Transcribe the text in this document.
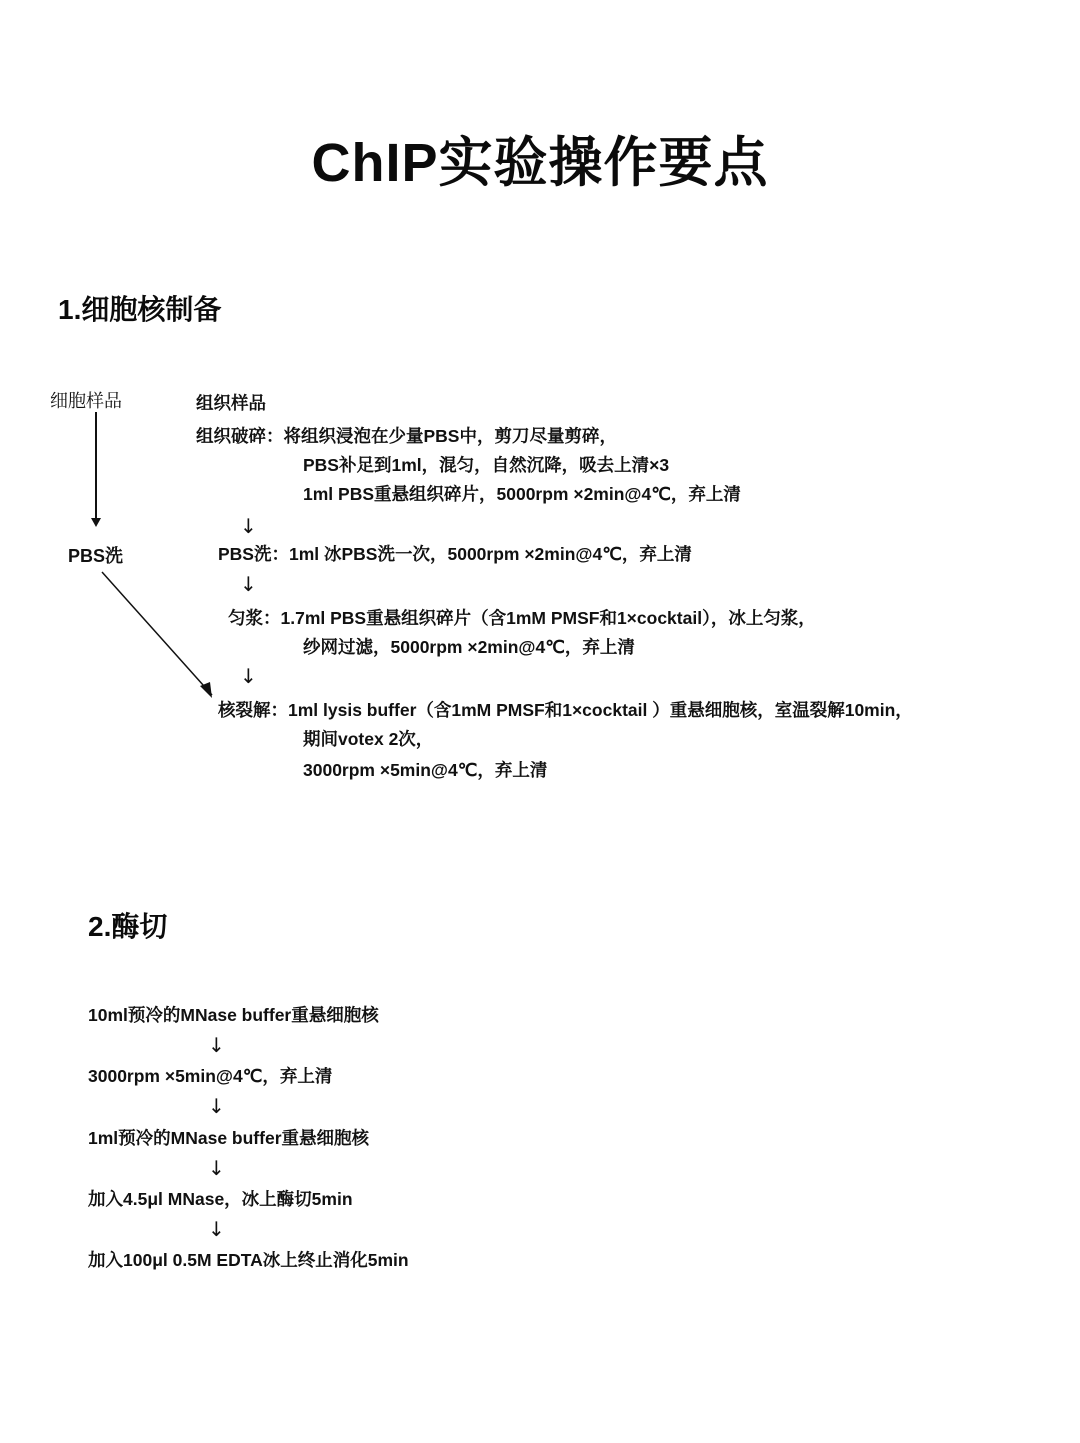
ChIP实验操作要点
1.细胞核制备
细胞样品
PBS洗
组织样品
组织破碎：将组织浸泡在少量PBS中，剪刀尽量剪碎，
PBS补足到1ml，混匀，自然沉降，吸去上清×3
1ml PBS重悬组织碎片，5000rpm ×2min@4℃，弃上清
↓
PBS洗：1ml 冰PBS洗一次，5000rpm ×2min@4℃，弃上清
↓
匀浆：1.7ml PBS重悬组织碎片（含1mM PMSF和1×cocktail），冰上匀浆，
纱网过滤，5000rpm ×2min@4℃，弃上清
↓
核裂解：1ml lysis buffer（含1mM PMSF和1×cocktail ）重悬细胞核，室温裂解10min，
期间votex 2次，
3000rpm ×5min@4℃，弃上清
2.酶切
10ml预冷的MNase buffer重悬细胞核
↓
3000rpm ×5min@4℃，弃上清
↓
1ml预冷的MNase buffer重悬细胞核
↓
加入4.5μl MNase，冰上酶切5min
↓
加入100μl 0.5M EDTA冰上终止消化5min
